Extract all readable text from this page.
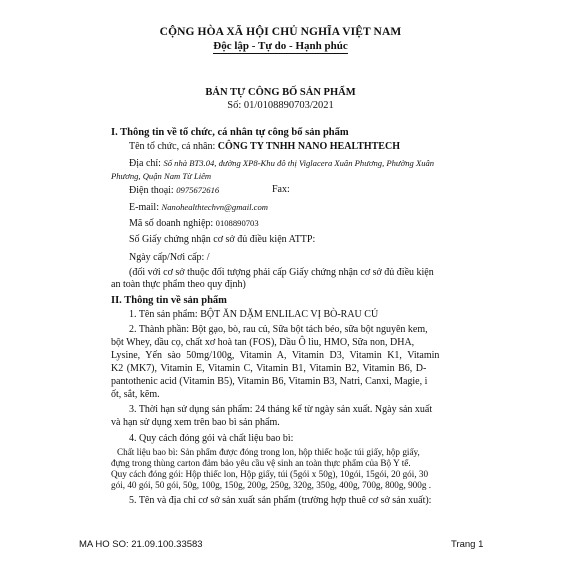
CỘNG HÒA XÃ HỘI CHỦ NGHĨA VIỆT NAM
Độc lập - Tự do - Hạnh phúc
BẢN TỰ CÔNG BỐ SẢN PHẨM
Số: 01/0108890703/2021
I. Thông tin về tổ chức, cá nhân tự công bố sản phẩm
Tên tổ chức, cá nhân: CÔNG TY TNHH NANO HEALTHTECH
Địa chỉ: Số nhà BT3.04, đường XP8-Khu đô thị Viglacera Xuân Phương, Phường Xuân
Phương, Quận Nam Từ Liêm
Điện thoại: 0975672616	Fax:
E-mail: Nanohealthtechvn@gmail.com
Mã số doanh nghiệp: 0108890703
Số Giấy chứng nhận cơ sở đủ điều kiện ATTP:
Ngày cấp/Nơi cấp: /
(đối với cơ sở thuộc đối tượng phải cấp Giấy chứng nhận cơ sở đủ điều kiện
an toàn thực phẩm theo quy định)
II. Thông tin về sản phẩm
1. Tên sản phẩm: BỘT ĂN DẶM ENLILAC VỊ BÒ-RAU CỦ
2. Thành phần: Bột gạo, bò, rau củ, Sữa bột tách béo, sữa bột nguyên kem,
bột Whey, dầu cọ, chất xơ hoà tan (FOS), Dầu Ô liu, HMO, Sữa non, DHA,
Lysine, Yến sào 50mg/100g, Vitamin A, Vitamin D3, Vitamin K1, Vitamin
K2 (MK7), Vitamin E, Vitamin C, Vitamin B1, Vitamin B2, Vitamin B6, D-
pantothenic acid (Vitamin B5), Vitamin B6, Vitamin B3, Natri, Canxi, Magie, i
ốt, sắt, kẽm.
3. Thời hạn sử dụng sản phẩm: 24 tháng kể từ ngày sản xuất. Ngày sản xuất
và hạn sử dụng xem trên bao bì sản phẩm.
4. Quy cách đóng gói và chất liệu bao bì:
Chất liệu bao bì: Sản phẩm được đóng trong lon, hộp thiếc hoặc túi giấy, hộp giấy,
đựng trong thùng carton đảm bảo yêu cầu vệ sinh an toàn thực phẩm của Bộ Y tế.
Quy cách đóng gói: Hộp thiếc lon, Hộp giấy, túi (5gói x 50g), 10gói, 15gói, 20 gói, 30
gói, 40 gói, 50 gói, 50g, 100g, 150g, 200g, 250g, 320g, 350g, 400g, 700g, 800g, 900g .
5. Tên và địa chỉ cơ sở sản xuất sản phẩm (trường hợp thuê cơ sở sản xuất):
MA HO SO: 21.09.100.33583	Trang 1
